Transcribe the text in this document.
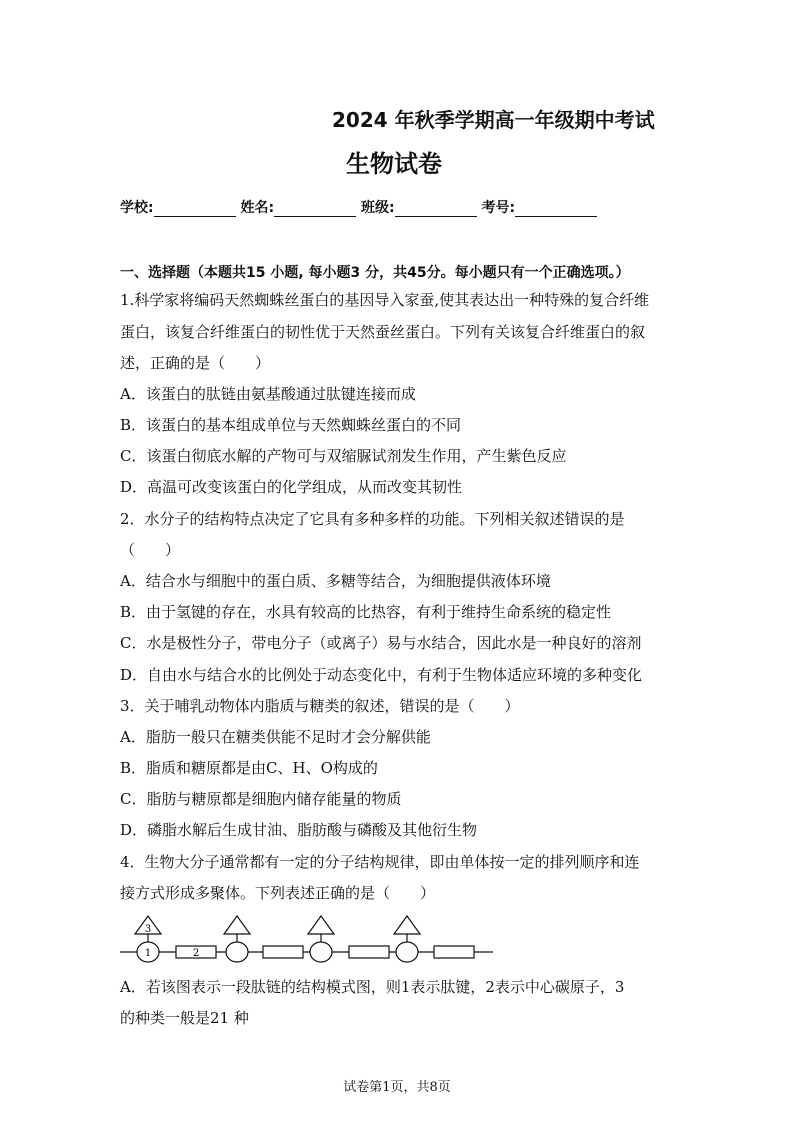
2024 年秋季学期高一年级期中考试
生物试卷
学校:	姓名:	班级:	考号:
一、选择题（本题共15 小题, 每小题3 分，共45分。每小题只有一个正确选项。）
1.科学家将编码天然蜘蛛丝蛋白的基因导入家蚕,使其表达出一种特殊的复合纤维
蛋白，该复合纤维蛋白的韧性优于天然蚕丝蛋白。下列有关该复合纤维蛋白的叙
述，正确的是（　　）
A．该蛋白的肽链由氨基酸通过肽键连接而成
B．该蛋白的基本组成单位与天然蜘蛛丝蛋白的不同
C．该蛋白彻底水解的产物可与双缩脲试剂发生作用，产生紫色反应
D．高温可改变该蛋白的化学组成，从而改变其韧性
2．水分子的结构特点决定了它具有多种多样的功能。下列相关叙述错误的是
（　　）
A．结合水与细胞中的蛋白质、多糖等结合，为细胞提供液体环境
B．由于氢键的存在，水具有较高的比热容，有利于维持生命系统的稳定性
C．水是极性分子，带电分子（或离子）易与水结合，因此水是一种良好的溶剂
D．自由水与结合水的比例处于动态变化中，有利于生物体适应环境的多种变化
3．关于哺乳动物体内脂质与糖类的叙述，错误的是（　　）
A．脂肪一般只在糖类供能不足时才会分解供能
B．脂质和糖原都是由C、H、O构成的
C．脂肪与糖原都是细胞内储存能量的物质
D．磷脂水解后生成甘油、脂肪酸与磷酸及其他衍生物
4．生物大分子通常都有一定的分子结构规律，即由单体按一定的排列顺序和连
接方式形成多聚体。下列表述正确的是（　　）
3
1	2
A．若该图表示一段肽链的结构模式图，则1表示肽键，2表示中心碳原子，3
的种类一般是21 种
试卷第1页，共8页
